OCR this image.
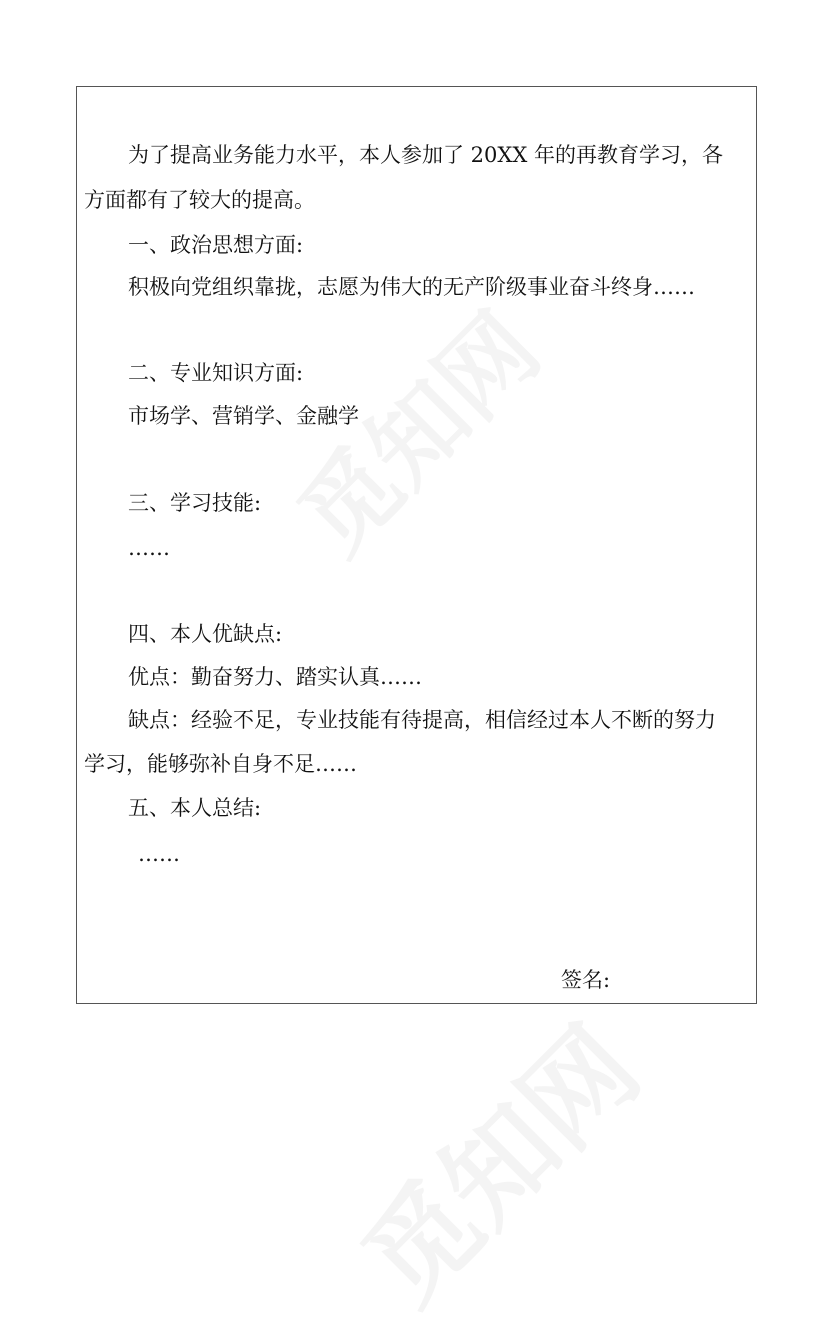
为了提高业务能力水平，本人参加了 20XX 年的再教育学习，各
方面都有了较大的提高。
一、政治思想方面:
积极向党组织靠拢，志愿为伟大的无产阶级事业奋斗终身……
二、专业知识方面:
市场学、营销学、金融学
三、学习技能:
……
四、本人优缺点:
优点：勤奋努力、踏实认真……
缺点：经验不足，专业技能有待提高，相信经过本人不断的努力
学习，能够弥补自身不足……
五、本人总结:
……
签名:
